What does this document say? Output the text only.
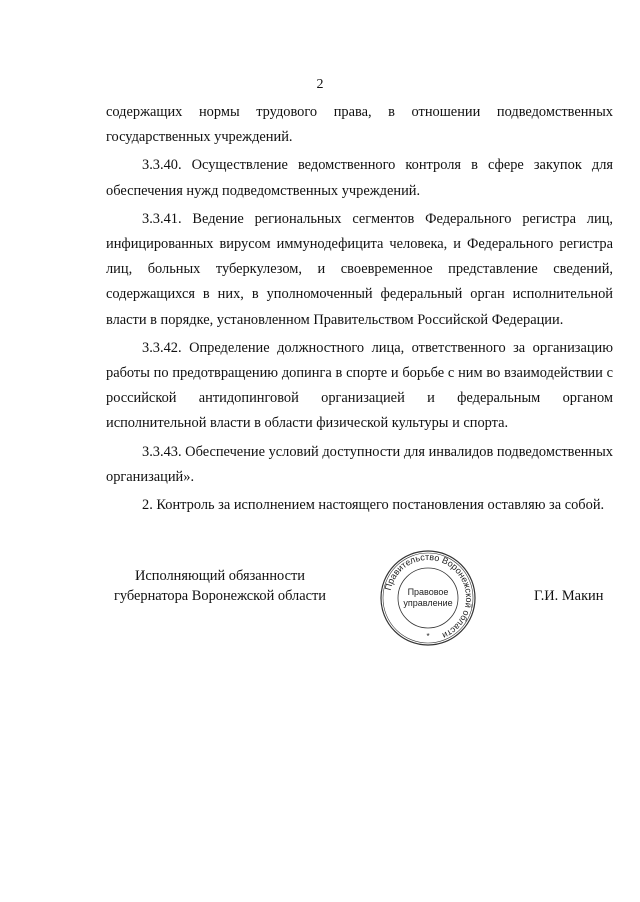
2

содержащих нормы трудового права, в отношении подведомственных государственных учреждений.

3.3.40. Осуществление ведомственного контроля в сфере закупок для обеспечения нужд подведомственных учреждений.

3.3.41. Ведение региональных сегментов Федерального регистра лиц, инфицированных вирусом иммунодефицита человека, и Федерального регистра лиц, больных туберкулезом, и своевременное представление сведений, содержащихся в них, в уполномоченный федеральный орган исполнительной власти в порядке, установленном Правительством Российской Федерации.

3.3.42. Определение должностного лица, ответственного за организацию работы по предотвращению допинга в спорте и борьбе с ним во взаимодействии с российской антидопинговой организацией и федеральным органом исполнительной власти в области физической культуры и спорта.

3.3.43. Обеспечение условий доступности для инвалидов подведомственных организаций».

2. Контроль за исполнением настоящего постановления оставляю за собой.

Исполняющий обязанности
губернатора Воронежской области
Правительство Воронежской области
Правовое
управление
*
Г.И. Макин
